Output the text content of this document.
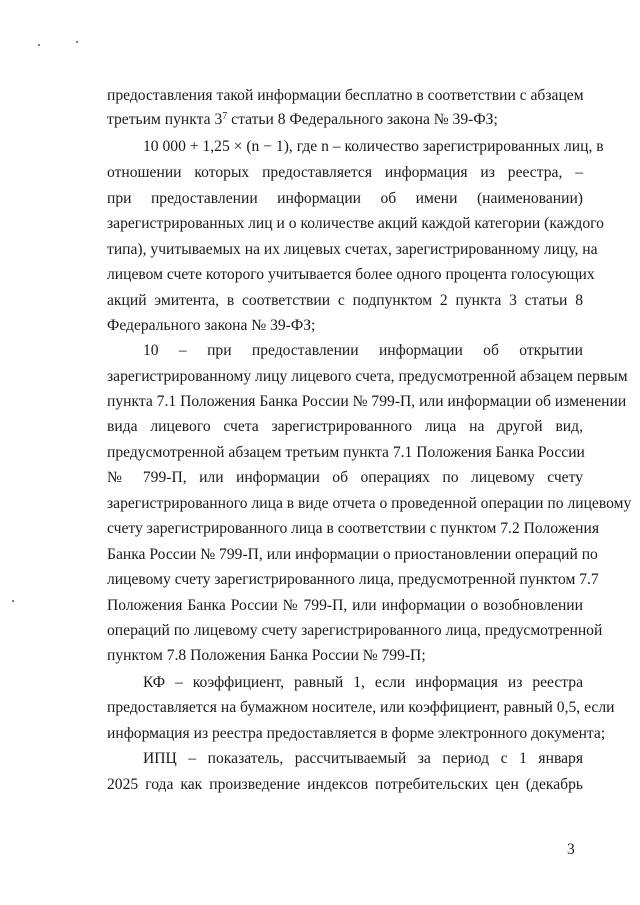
предоставления такой информации бесплатно в соответствии с абзацем
третьим пункта $3^7$ статьи 8 Федерального закона № 39-ФЗ;
10 000 + 1,25 × (n − 1), где n – количество зарегистрированных лиц, в
отношении которых предоставляется информация из реестра, –
при предоставлении информации об имени (наименовании)
зарегистрированных лиц и о количестве акций каждой категории (каждого
типа), учитываемых на их лицевых счетах, зарегистрированному лицу, на
лицевом счете которого учитывается более одного процента голосующих
акций эмитента, в соответствии с подпунктом 2 пункта 3 статьи 8
Федерального закона № 39-ФЗ;
10 – при предоставлении информации об открытии
зарегистрированному лицу лицевого счета, предусмотренной абзацем первым
пункта 7.1 Положения Банка России № 799-П, или информации об изменении
вида лицевого счета зарегистрированного лица на другой вид,
предусмотренной абзацем третьим пункта 7.1 Положения Банка России
№ 799-П, или информации об операциях по лицевому счету
зарегистрированного лица в виде отчета о проведенной операции по лицевому
счету зарегистрированного лица в соответствии с пунктом 7.2 Положения
Банка России № 799-П, или информации о приостановлении операций по
лицевому счету зарегистрированного лица, предусмотренной пунктом 7.7
Положения Банка России № 799-П, или информации о возобновлении
операций по лицевому счету зарегистрированного лица, предусмотренной
пунктом 7.8 Положения Банка России № 799-П;
КФ – коэффициент, равный 1, если информация из реестра
предоставляется на бумажном носителе, или коэффициент, равный 0,5, если
информация из реестра предоставляется в форме электронного документа;
ИПЦ – показатель, рассчитываемый за период с 1 января
2025 года как произведение индексов потребительских цен (декабрь
3
